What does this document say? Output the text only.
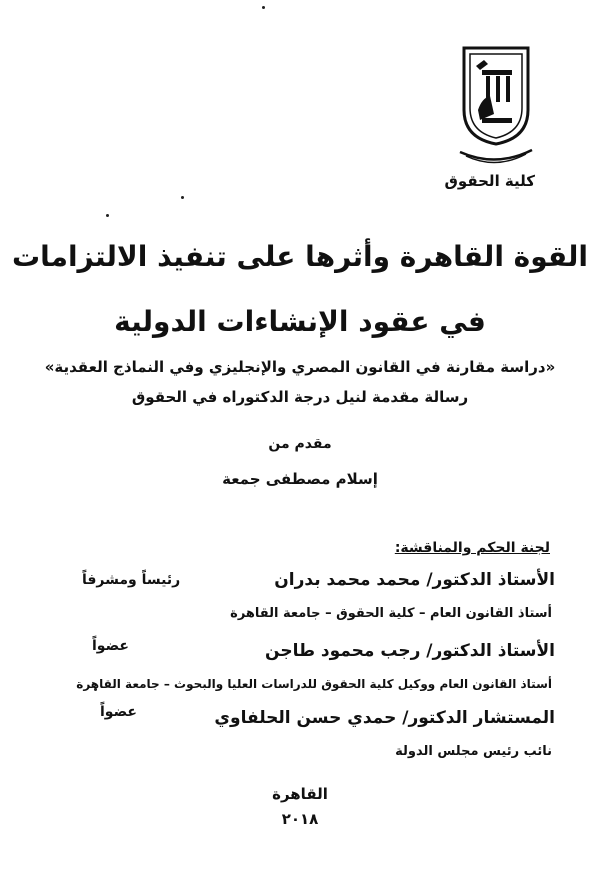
كلية الحقوق
القوة القاهرة وأثرها على تنفيذ الالتزامات
في عقود الإنشاءات الدولية
«دراسة مقارنة في القانون المصري والإنجليزي وفي النماذج العقدية»
رسالة مقدمة لنيل درجة الدكتوراه في الحقوق
مقدم من
إسلام مصطفى جمعة
لجنة الحكم والمناقشة:
الأستاذ الدكتور/ محمد محمد بدران
رئيساً ومشرفاً
أستاذ القانون العام – كلية الحقوق – جامعة القاهرة
الأستاذ الدكتور/ رجب محمود طاجن
عضواً
أستاذ القانون العام ووكيل كلية الحقوق للدراسات العليا والبحوث – جامعة القاهرة
المستشار الدكتور/ حمدي حسن الحلفاوي
عضواً
نائب رئيس مجلس الدولة
القاهرة
٢٠١٨
